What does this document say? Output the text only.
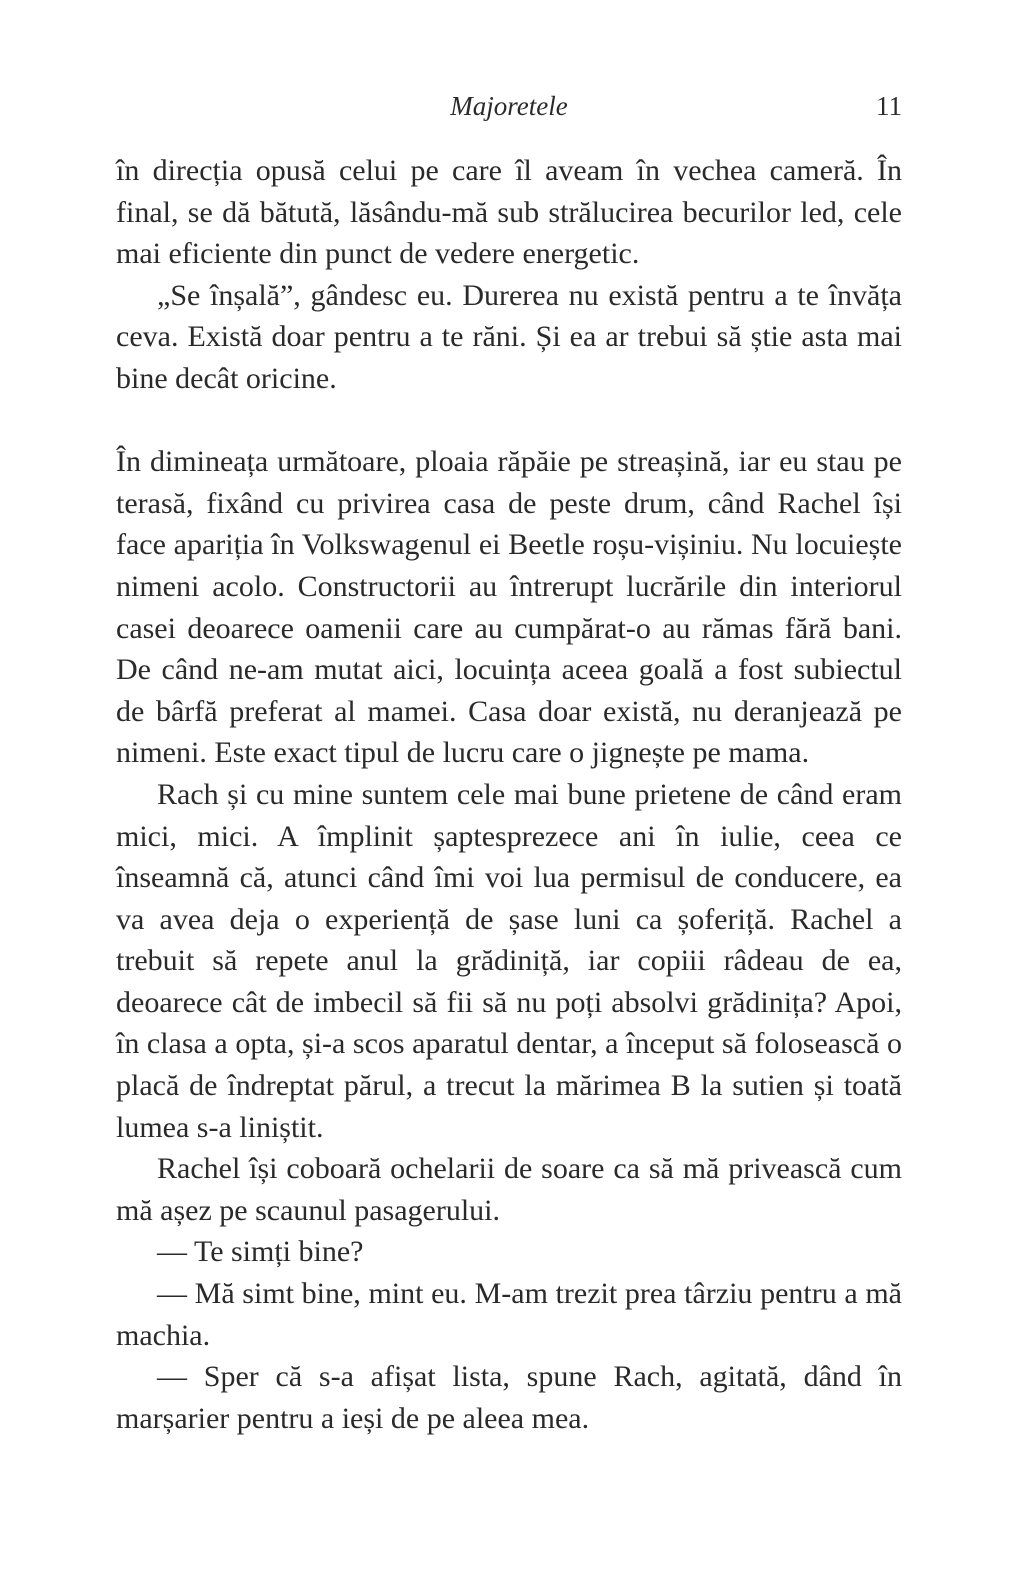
Majoretele	11

în direcția opusă celui pe care îl aveam în vechea cameră. În final, se dă bătută, lăsându-mă sub strălucirea becurilor led, cele mai eficiente din punct de vedere energetic.

„Se înșală”, gândesc eu. Durerea nu există pentru a te învăța ceva. Există doar pentru a te răni. Și ea ar trebui să știe asta mai bine decât oricine.

În dimineața următoare, ploaia răpăie pe streașină, iar eu stau pe terasă, fixând cu privirea casa de peste drum, când Rachel își face apariția în Volkswagenul ei Beetle roșu-vișiniu. Nu locuiește nimeni acolo. Constructorii au întrerupt lucrările din interiorul casei deoarece oamenii care au cumpărat-o au rămas fără bani. De când ne-am mutat aici, locuința aceea goală a fost subiectul de bârfă preferat al mamei. Casa doar există, nu deranjează pe nimeni. Este exact tipul de lucru care o jignește pe mama.

Rach și cu mine suntem cele mai bune prietene de când eram mici, mici. A împlinit șaptesprezece ani în iulie, ceea ce înseamnă că, atunci când îmi voi lua permisul de conducere, ea va avea deja o experiență de șase luni ca șoferiță. Rachel a trebuit să repete anul la grădiniță, iar copiii râdeau de ea, deoarece cât de imbecil să fii să nu poți absolvi grădinița? Apoi, în clasa a opta, și-a scos aparatul dentar, a început să folosească o placă de îndreptat părul, a trecut la mărimea B la sutien și toată lumea s-a liniștit.

Rachel își coboară ochelarii de soare ca să mă privească cum mă așez pe scaunul pasagerului.

— Te simți bine?

— Mă simt bine, mint eu. M-am trezit prea târziu pentru a mă machia.

— Sper că s-a afișat lista, spune Rach, agitată, dând în marșarier pentru a ieși de pe aleea mea.
